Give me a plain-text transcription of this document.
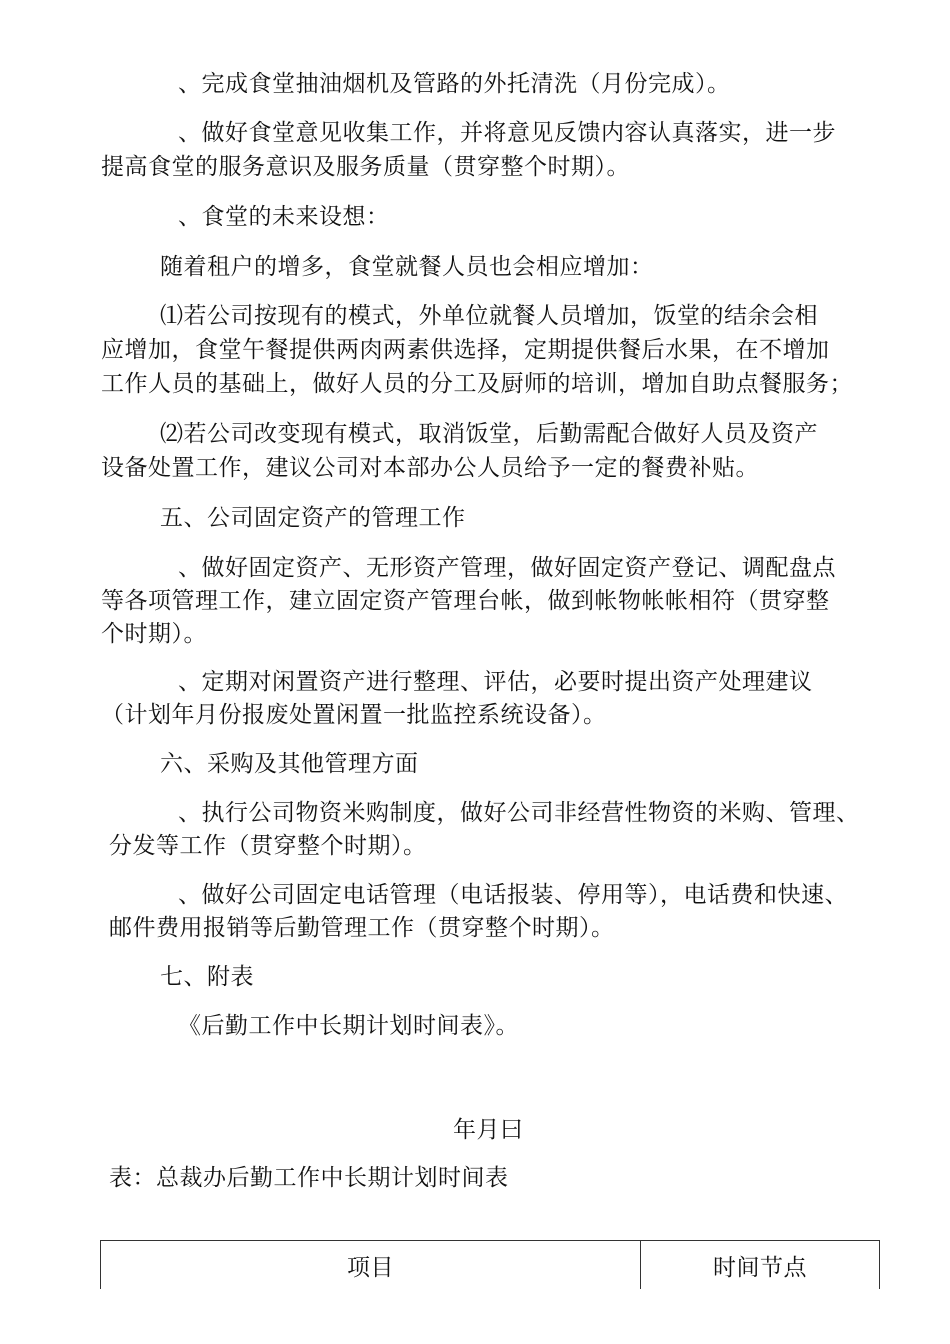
、完成食堂抽油烟机及管路的外托清洗（月份完成）。
、做好食堂意见收集工作，并将意见反馈内容认真落实，进一步
提高食堂的服务意识及服务质量（贯穿整个时期）。
、食堂的未来设想：
随着租户的增多，食堂就餐人员也会相应增加：
⑴若公司按现有的模式，外单位就餐人员增加，饭堂的结余会相
应增加，食堂午餐提供两肉两素供选择，定期提供餐后水果，在不增加
工作人员的基础上，做好人员的分工及厨师的培训，增加自助点餐服务；
⑵若公司改变现有模式，取消饭堂，后勤需配合做好人员及资产
设备处置工作，建议公司对本部办公人员给予一定的餐费补贴。
五、公司固定资产的管理工作
、做好固定资产、无形资产管理，做好固定资产登记、调配盘点
等各项管理工作，建立固定资产管理台帐，做到帐物帐帐相符（贯穿整
个时期）。
、定期对闲置资产进行整理、评估，必要时提出资产处理建议
（计划年月份报废处置闲置一批监控系统设备）。
六、采购及其他管理方面
、执行公司物资米购制度，做好公司非经营性物资的米购、管理、
分发等工作（贯穿整个时期）。
、做好公司固定电话管理（电话报装、停用等），电话费和快速、
邮件费用报销等后勤管理工作（贯穿整个时期）。
七、附表
《后勤工作中长期计划时间表》。
年月曰
表：总裁办后勤工作中长期计划时间表
项目	时间节点
